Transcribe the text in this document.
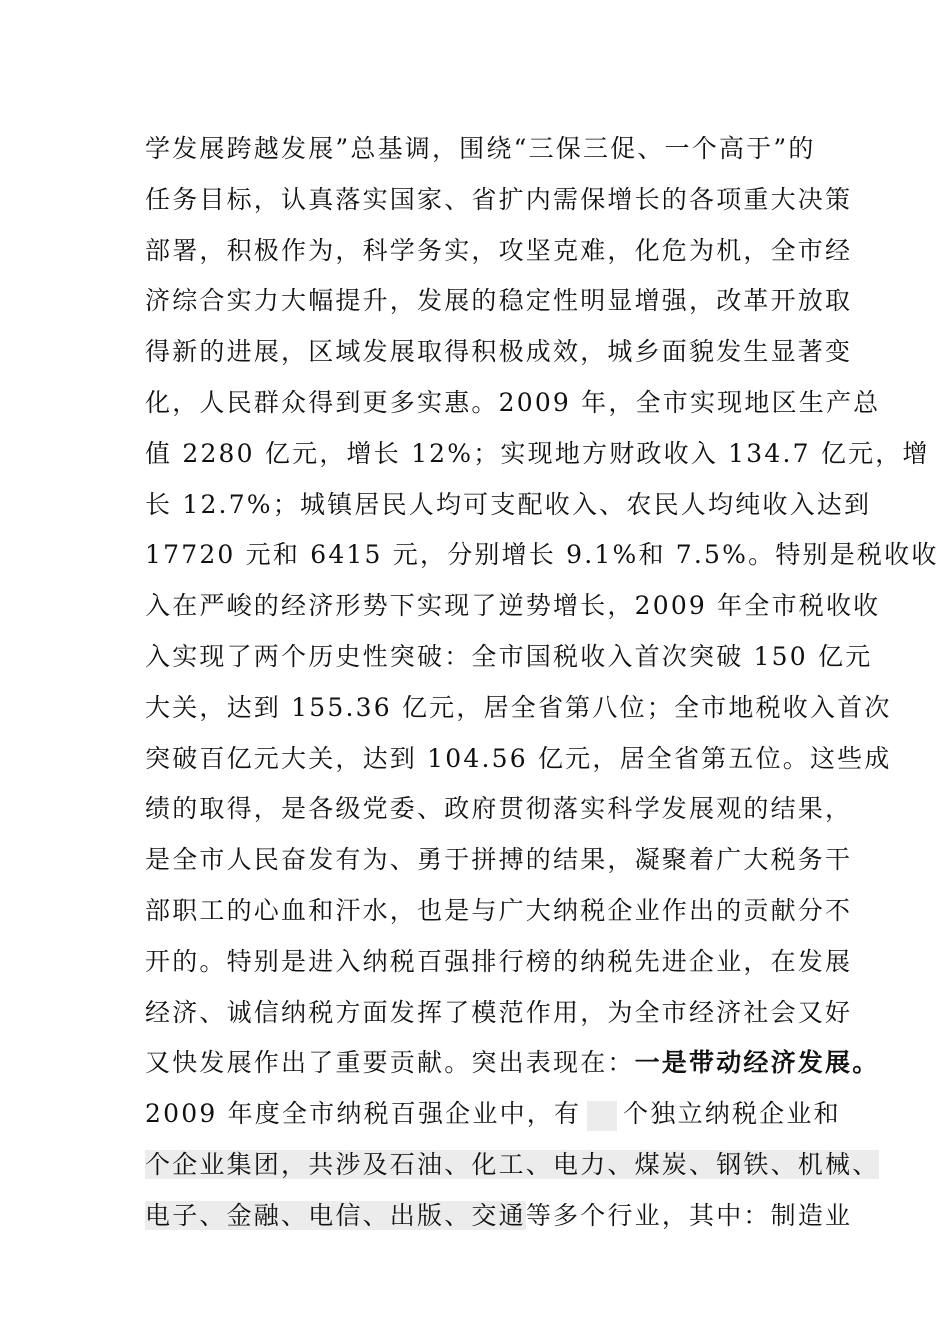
学发展跨越发展”总基调，围绕“三保三促、一个高于”的
任务目标，认真落实国家、省扩内需保增长的各项重大决策
部署，积极作为，科学务实，攻坚克难，化危为机，全市经
济综合实力大幅提升，发展的稳定性明显增强，改革开放取
得新的进展，区域发展取得积极成效，城乡面貌发生显著变
化，人民群众得到更多实惠。2009 年，全市实现地区生产总
值 2280 亿元，增长 12%；实现地方财政收入 134.7 亿元，增
长 12.7%；城镇居民人均可支配收入、农民人均纯收入达到
17720 元和 6415 元，分别增长 9.1%和 7.5%。特别是税收收
入在严峻的经济形势下实现了逆势增长，2009 年全市税收收
入实现了两个历史性突破：全市国税收入首次突破 150 亿元
大关，达到 155.36 亿元，居全省第八位；全市地税收入首次
突破百亿元大关，达到 104.56 亿元，居全省第五位。这些成
绩的取得，是各级党委、政府贯彻落实科学发展观的结果，
是全市人民奋发有为、勇于拼搏的结果，凝聚着广大税务干
部职工的心血和汗水，也是与广大纳税企业作出的贡献分不
开的。特别是进入纳税百强排行榜的纳税先进企业，在发展
经济、诚信纳税方面发挥了模范作用，为全市经济社会又好
又快发展作出了重要贡献。突出表现在：一是带动经济发展。
2009 年度全市纳税百强企业中，有 个独立纳税企业和
个企业集团，共涉及石油、化工、电力、煤炭、钢铁、机械、
电子、金融、电信、出版、交通等多个行业，其中：制造业
